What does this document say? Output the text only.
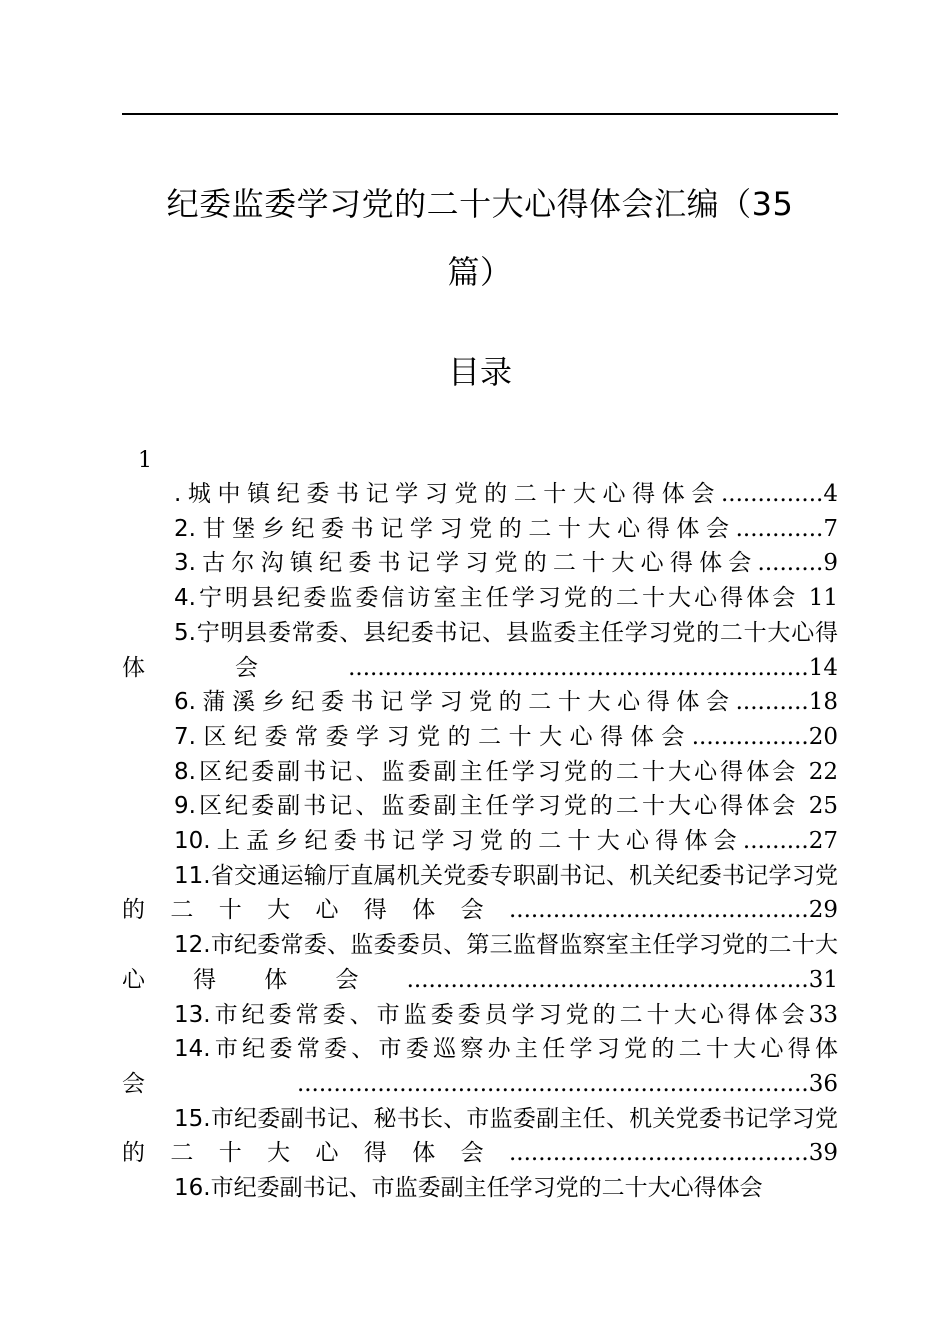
纪委监委学习党的二十大心得体会汇编（35
篇）
目录
1
.城中镇纪委书记学习党的二十大心得体会..............4
2.甘堡乡纪委书记学习党的二十大心得体会............7
3.古尔沟镇纪委书记学习党的二十大心得体会.........9
4.宁明县纪委监委信访室主任学习党的二十大心得体会 11
5.宁明县委常委、县纪委书记、县监委主任学习党的二十大心得体会...............................................................14
6.蒲溪乡纪委书记学习党的二十大心得体会..........18
7.区纪委常委学习党的二十大心得体会................20
8.区纪委副书记、监委副主任学习党的二十大心得体会 22
9.区纪委副书记、监委副主任学习党的二十大心得体会 25
10.上孟乡纪委书记学习党的二十大心得体会.........27
11.省交通运输厅直属机关党委专职副书记、机关纪委书记学习党的二十大心得体会.........................................29
12.市纪委常委、监委委员、第三监督监察室主任学习党的二十大心得体会.......................................................31
13.市纪委常委、市监委委员学习党的二十大心得体会33
14.市纪委常委、市委巡察办主任学习党的二十大心得体会......................................................................36
15.市纪委副书记、秘书长、市监委副主任、机关党委书记学习党的二十大心得体会.........................................39
16.市纪委副书记、市监委副主任学习党的二十大心得体会
